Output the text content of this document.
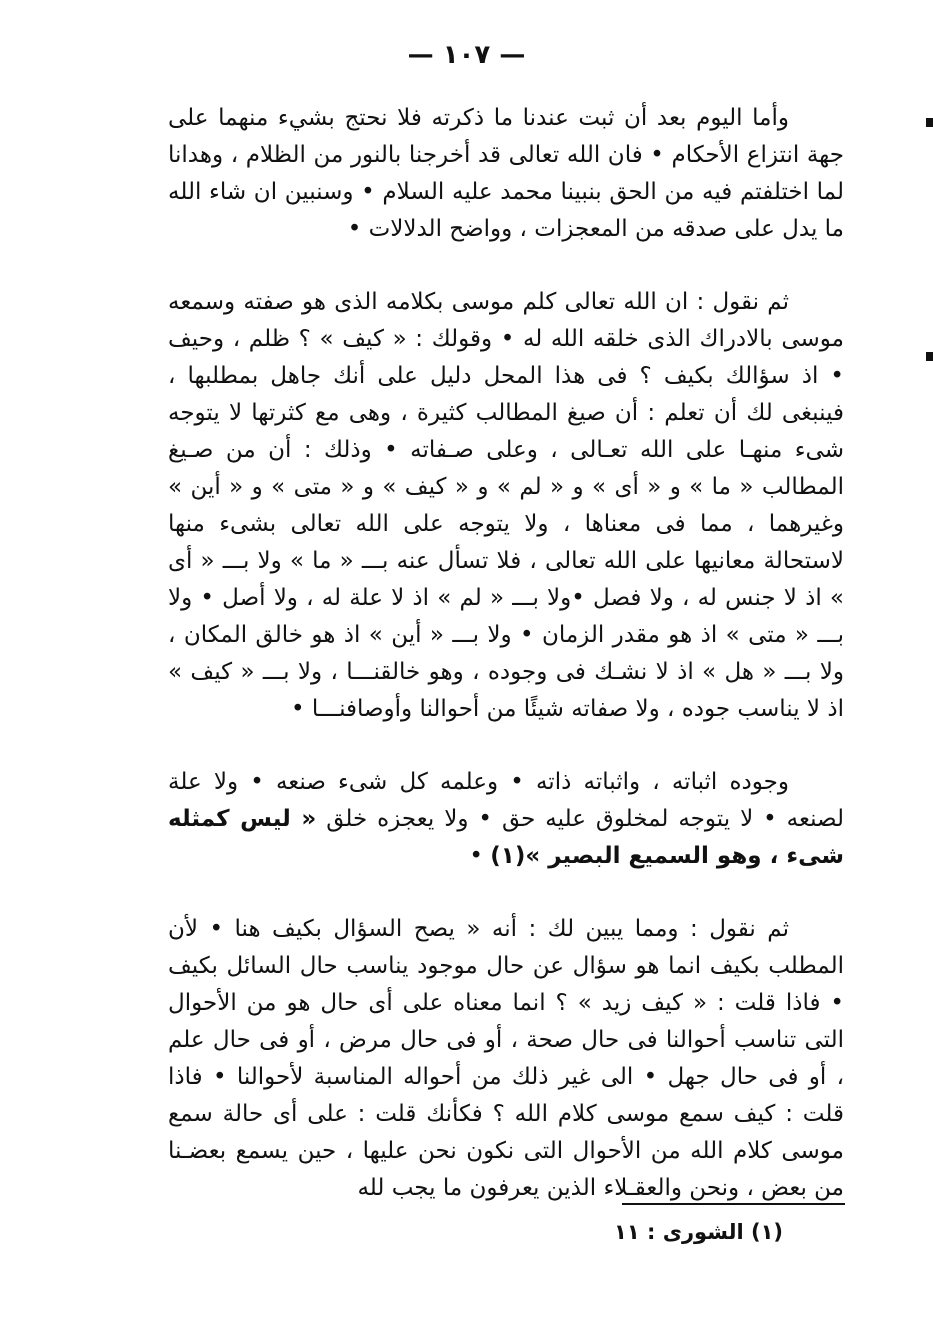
— ١٠٧ —

وأما اليوم بعد أن ثبت عندنا ما ذكرته فلا نحتج بشيء منهما على جهة انتزاع الأحكام • فان الله تعالى قد أخرجنا بالنور من الظلام ، وهدانا لما اختلفتم فيه من الحق بنبينا محمد عليه السلام • وسنبين ان شاء الله ما يدل على صدقه من المعجزات ، وواضح الدلالات •

ثم نقول : ان الله تعالى كلم موسى بكلامه الذى هو صفته وسمعه موسى بالادراك الذى خلقه الله له • وقولك : « كيف » ؟ ظلم ، وحيف • اذ سؤالك بكيف ؟ فى هذا المحل دليل على أنك جاهل بمطلبها ، فينبغى لك أن تعلم : أن صيغ المطالب كثيرة ، وهى مع كثرتها لا يتوجه شىء منهـا على الله تعـالى ، وعلى صـفاته • وذلك : أن من صـيغ المطالب « ما » و « أى » و « لم » و « كيف » و « متى » و « أين » وغيرهما ، مما فى معناها ، ولا يتوجه على الله تعالى بشىء منها لاستحالة معانيها على الله تعالى ، فلا تسأل عنه بـــ « ما » ولا بـــ « أى » اذ لا جنس له ، ولا فصل •ولا بـــ « لم » اذ لا علة له ، ولا أصل • ولا بـــ « متى » اذ هو مقدر الزمان • ولا بـــ « أين » اذ هو خالق المكان ، ولا بـــ « هل » اذ لا نشـك فى وجوده ، وهو خالقنـــا ، ولا بـــ « كيف » اذ لا يناسب جوده ، ولا صفاته شيئًا من أحوالنا وأوصافنـــا •

وجوده اثباته ، واثباته ذاته • وعلمه كل شىء صنعه • ولا علة لصنعه • لا يتوجه لمخلوق عليه حق • ولا يعجزه خلق « ليس كمثله شىء ، وهو السميع البصير »(١) •

ثم نقول : ومما يبين لك : أنه « يصح السؤال بكيف هنا • لأن المطلب بكيف انما هو سؤال عن حال موجود يناسب حال السائل بكيف • فاذا قلت : « كيف زيد » ؟ انما معناه على أى حال هو من الأحوال التى تناسب أحوالنا فى حال صحة ، أو فى حال مرض ، أو فى حال علم ، أو فى حال جهل • الى غير ذلك من أحواله المناسبة لأحوالنا • فاذا قلت : كيف سمع موسى كلام الله ؟ فكأنك قلت : على أى حالة سمع موسى كلام الله من الأحوال التى نكون نحن عليها ، حين يسمع بعضـنا من بعض ، ونحن والعقـلاء الذين يعرفون ما يجب لله

(١) الشورى : ١١
